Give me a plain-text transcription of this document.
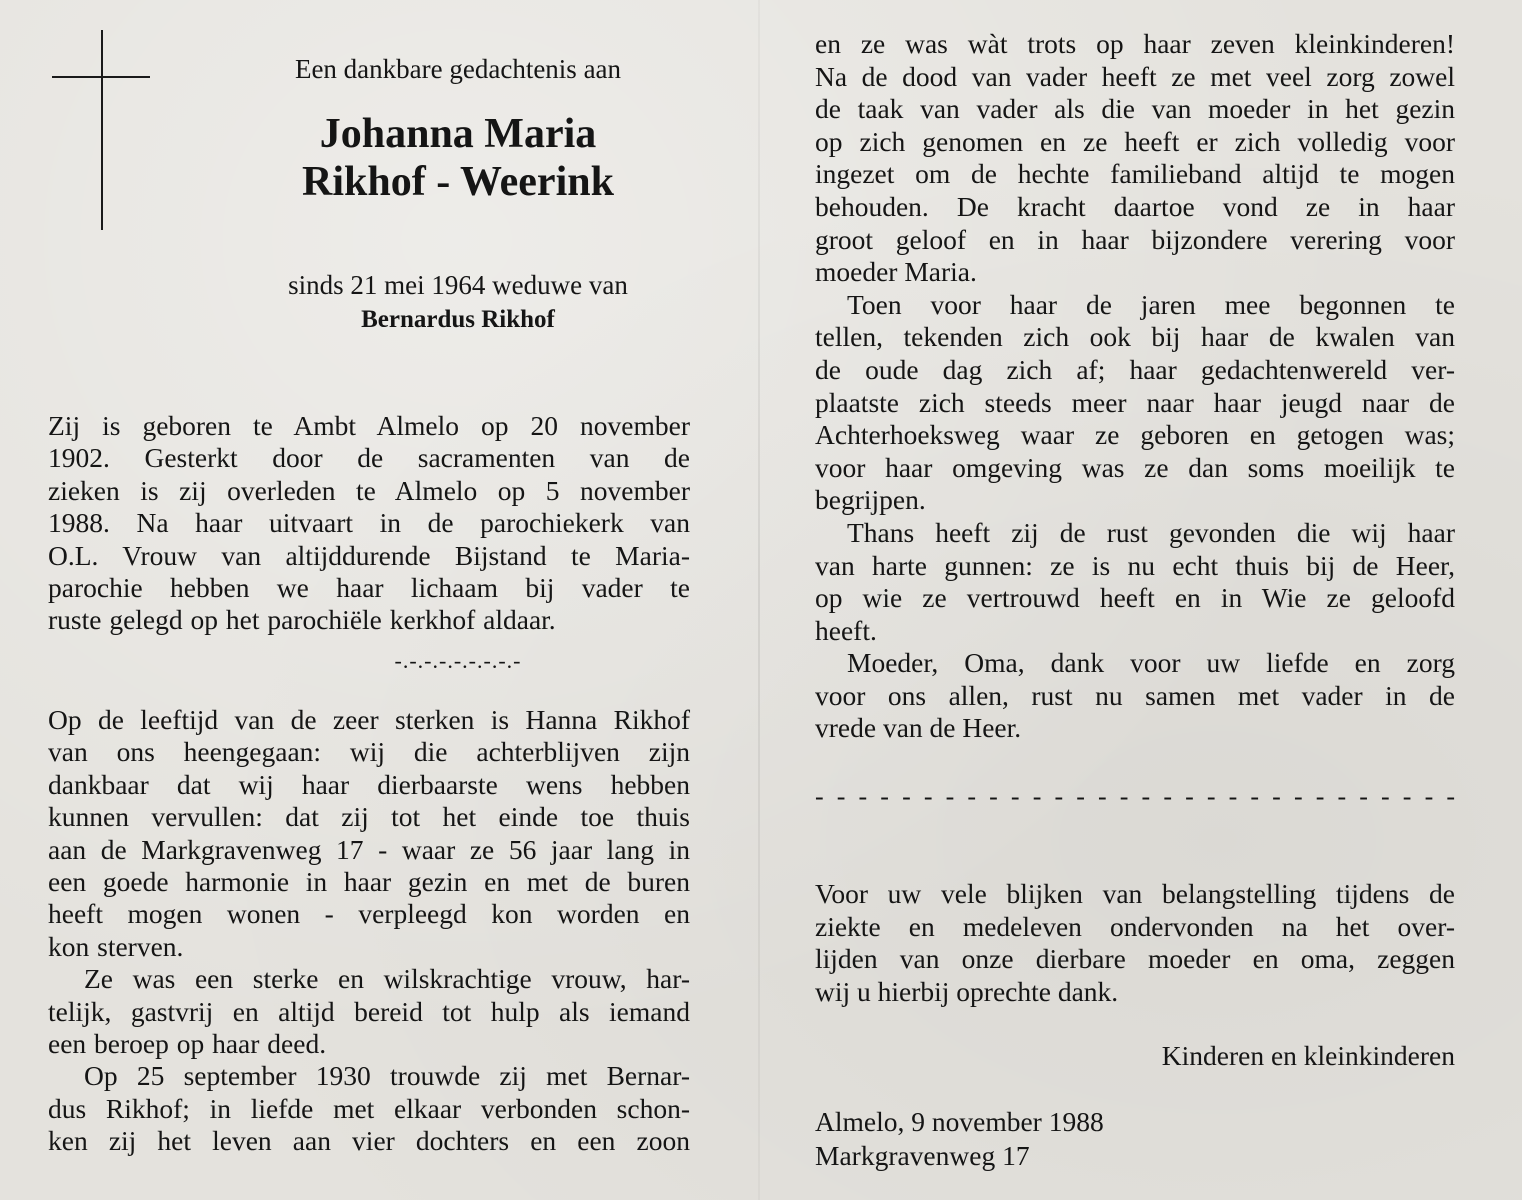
Een dankbare gedachtenis aan
Johanna Maria
Rikhof - Weerink
sinds 21 mei 1964 weduwe van
Bernardus Rikhof
Zij is geboren te Ambt Almelo op 20 november
1902. Gesterkt door de sacramenten van de
zieken is zij overleden te Almelo op 5 november
1988. Na haar uitvaart in de parochiekerk van
O.L. Vrouw van altijddurende Bijstand te Maria-
parochie hebben we haar lichaam bij vader te
ruste gelegd op het parochiële kerkhof aldaar.
-.-.-.-.-.-.-.-.-
Op de leeftijd van de zeer sterken is Hanna Rikhof
van ons heengegaan: wij die achterblijven zijn
dankbaar dat wij haar dierbaarste wens hebben
kunnen vervullen: dat zij tot het einde toe thuis
aan de Markgravenweg 17 - waar ze 56 jaar lang in
een goede harmonie in haar gezin en met de buren
heeft mogen wonen - verpleegd kon worden en
kon sterven.
Ze was een sterke en wilskrachtige vrouw, har-
telijk, gastvrij en altijd bereid tot hulp als iemand
een beroep op haar deed.
Op 25 september 1930 trouwde zij met Bernar-
dus Rikhof; in liefde met elkaar verbonden schon-
ken zij het leven aan vier dochters en een zoon
en ze was wàt trots op haar zeven kleinkinderen!
Na de dood van vader heeft ze met veel zorg zowel
de taak van vader als die van moeder in het gezin
op zich genomen en ze heeft er zich volledig voor
ingezet om de hechte familieband altijd te mogen
behouden. De kracht daartoe vond ze in haar
groot geloof en in haar bijzondere verering voor
moeder Maria.
Toen voor haar de jaren mee begonnen te
tellen, tekenden zich ook bij haar de kwalen van
de oude dag zich af; haar gedachtenwereld ver-
plaatste zich steeds meer naar haar jeugd naar de
Achterhoeksweg waar ze geboren en getogen was;
voor haar omgeving was ze dan soms moeilijk te
begrijpen.
Thans heeft zij de rust gevonden die wij haar
van harte gunnen: ze is nu echt thuis bij de Heer,
op wie ze vertrouwd heeft en in Wie ze geloofd
heeft.
Moeder, Oma, dank voor uw liefde en zorg
voor ons allen, rust nu samen met vader in de
vrede van de Heer.
- - - - - - - - - - - - - - - - - - - - - - - - - - - - - -
Voor uw vele blijken van belangstelling tijdens de
ziekte en medeleven ondervonden na het over-
lijden van onze dierbare moeder en oma, zeggen
wij u hierbij oprechte dank.
Kinderen en kleinkinderen
Almelo, 9 november 1988
Markgravenweg 17
